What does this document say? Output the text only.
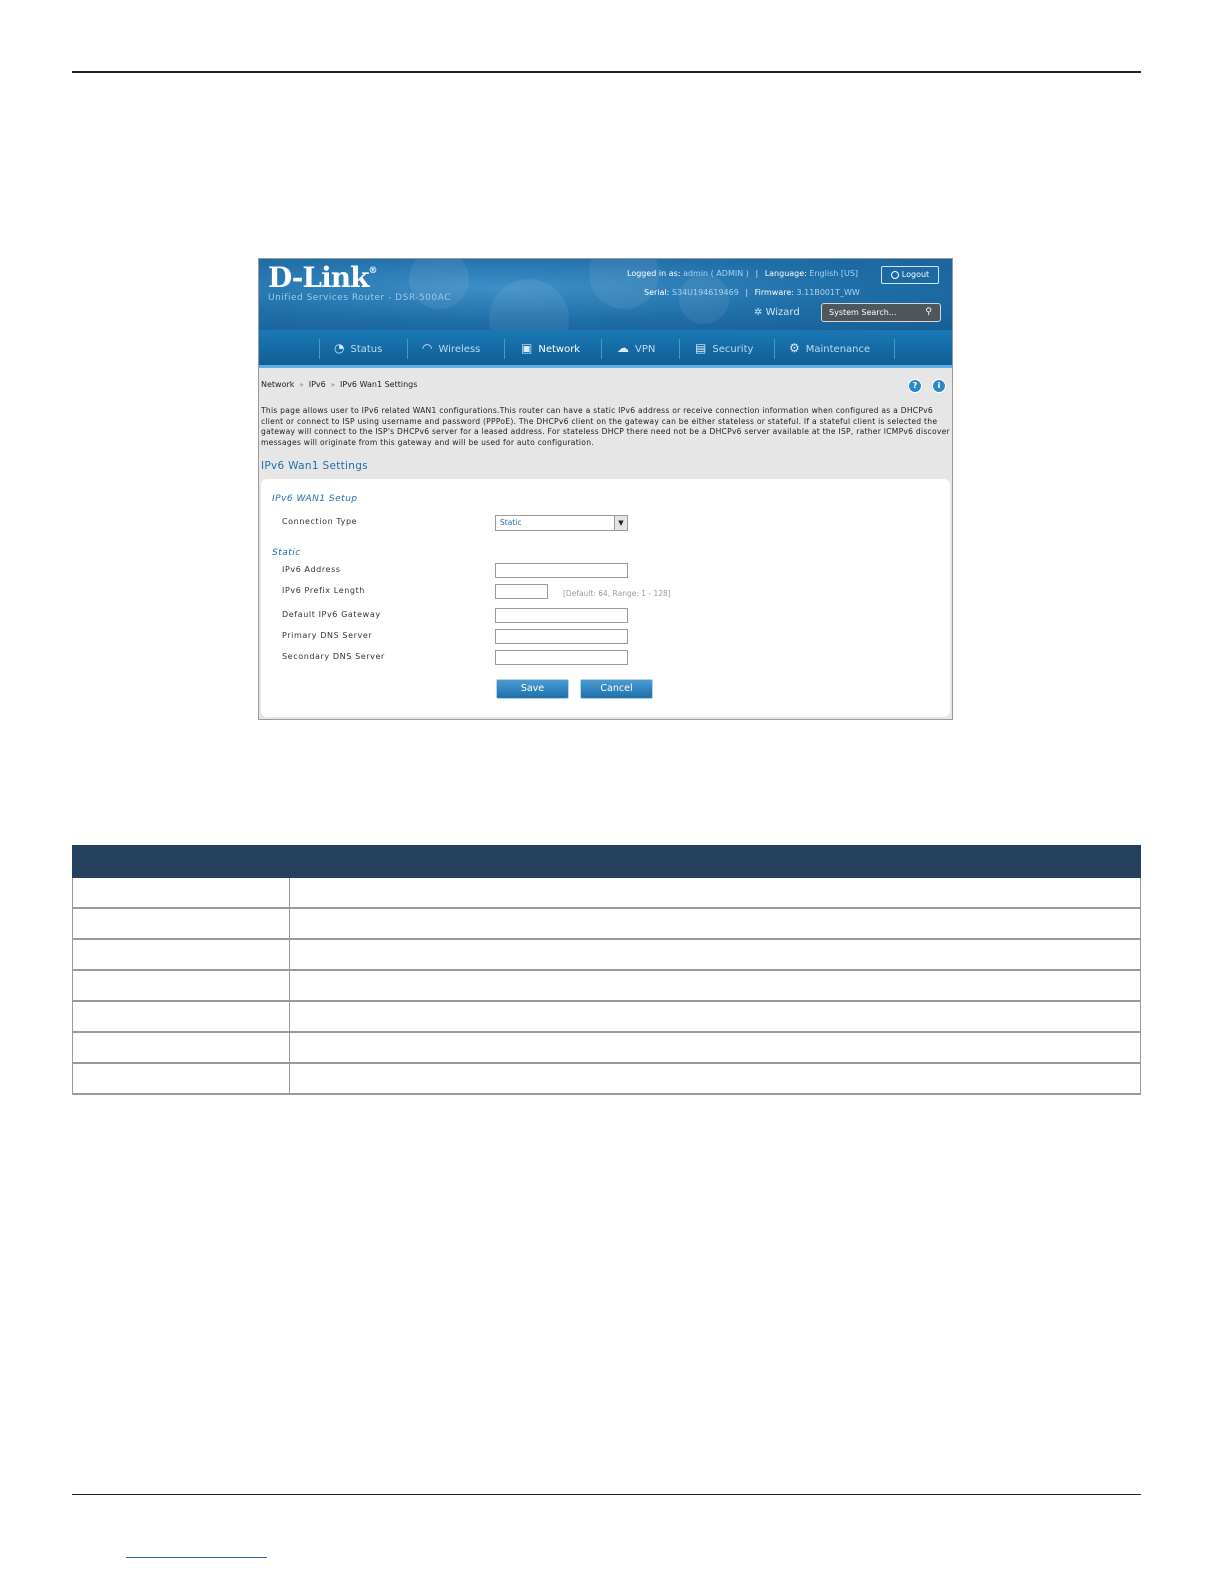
D-Link®
Unified Services Router - DSR-500AC
Logged in as: admin ( ADMIN ) | Language: English [US]	Logout
Serial: S34U194619469 | Firmware: 3.11B001T_WW
✲ Wizard	System Search...	⚲
◔ Status	◠ Wireless	▣ Network	☁ VPN	▤ Security	⚙ Maintenance
Network » IPv6 » IPv6 Wan1 Settings	?	i
This page allows user to IPv6 related WAN1 configurations.This router can have a static IPv6 address or receive connection information when configured as a DHCPv6 client or connect to ISP using username and password (PPPoE). The DHCPv6 client on the gateway can be either stateless or stateful. If a stateful client is selected the gateway will connect to the ISP's DHCPv6 server for a leased address. For stateless DHCP there need not be a DHCPv6 server available at the ISP, rather ICMPv6 discover messages will originate from this gateway and will be used for auto configuration.
IPv6 Wan1 Settings
IPv6 WAN1 Setup
Connection Type	Static	▼
Static
IPv6 Address
IPv6 Prefix Length	[Default: 64, Range: 1 - 128]
Default IPv6 Gateway
Primary DNS Server
Secondary DNS Server
Save	Cancel
